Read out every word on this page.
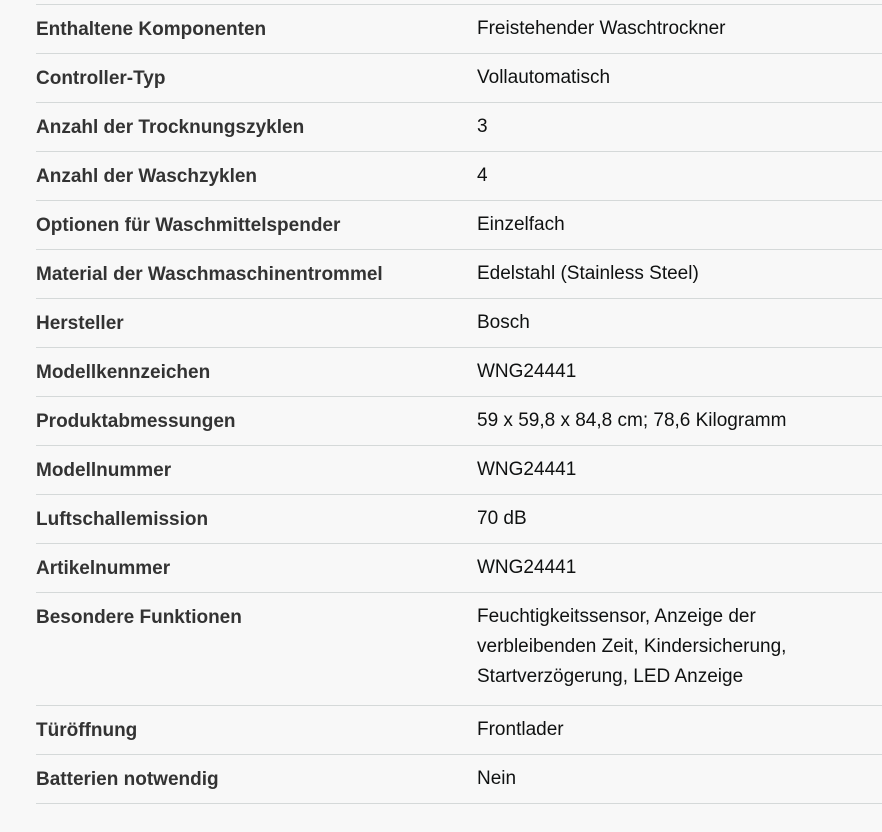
Enthaltene Komponenten	Freistehender Waschtrockner
Controller-Typ	Vollautomatisch
Anzahl der Trocknungszyklen	3
Anzahl der Waschzyklen	4
Optionen für Waschmittelspender	Einzelfach
Material der Waschmaschinentrommel	Edelstahl (Stainless Steel)
Hersteller	Bosch
Modellkennzeichen	WNG24441
Produktabmessungen	59 x 59,8 x 84,8 cm; 78,6 Kilogramm
Modellnummer	WNG24441
Luftschallemission	70 dB
Artikelnummer	WNG24441
Besondere Funktionen	Feuchtigkeitssensor, Anzeige der
verbleibenden Zeit, Kindersicherung,
Startverzögerung, LED Anzeige
Türöffnung	Frontlader
Batterien notwendig	Nein
